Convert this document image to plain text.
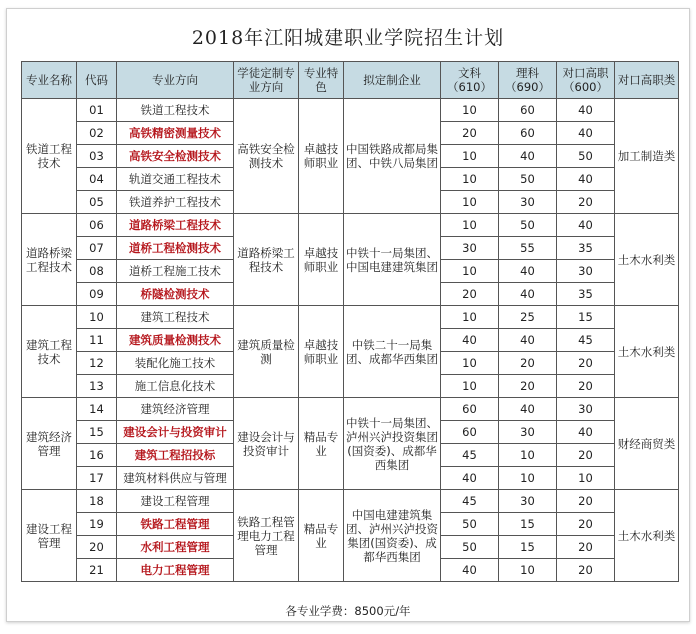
2018年江阳城建职业学院招生计划
专业名称	代码	专业方向	学徒定制专业方向	专业特色	拟定制企业	文科（610）	理科（690）	对口高职（600）	对口高职类
铁道工程技术	01	铁道工程技术	高铁安全检测技术	卓越技师职业	中国铁路成都局集团、中铁八局集团	10	60	40	加工制造类
	02	高铁精密测量技术				20	60	40	
	03	高铁安全检测技术				10	40	50	
	04	轨道交通工程技术				10	50	40	
	05	铁道养护工程技术				10	30	20	
道路桥梁工程技术	06	道路桥梁工程技术	道路桥梁工程技术	卓越技师职业	中铁十一局集团、中国电建建筑集团	10	50	40	土木水利类
	07	道桥工程检测技术				30	55	35	
	08	道桥工程施工技术				10	40	30	
	09	桥隧检测技术				20	40	35	
建筑工程技术	10	建筑工程技术	建筑质量检测	卓越技师职业	中铁二十一局集团、成都华西集团	10	25	15	土木水利类
	11	建筑质量检测技术				40	40	45	
	12	装配化施工技术				10	20	20	
	13	施工信息化技术				10	20	20	
建筑经济管理	14	建筑经济管理	建设会计与投资审计	精品专业	中铁十一局集团、泸州兴泸投资集团(国资委)、成都华西集团	60	40	30	财经商贸类
	15	建设会计与投资审计				60	30	40	
	16	建筑工程招投标				45	10	20	
	17	建筑材料供应与管理				40	10	10	
建设工程管理	18	建设工程管理	铁路工程管理电力工程管理	精品专业	中国电建建筑集团、泸州兴泸投资集团(国资委)、成都华西集团	45	30	20	土木水利类
	19	铁路工程管理				50	15	20	
	20	水利工程管理				50	15	20	
	21	电力工程管理				40	10	20	
各专业学费：8500元/年
